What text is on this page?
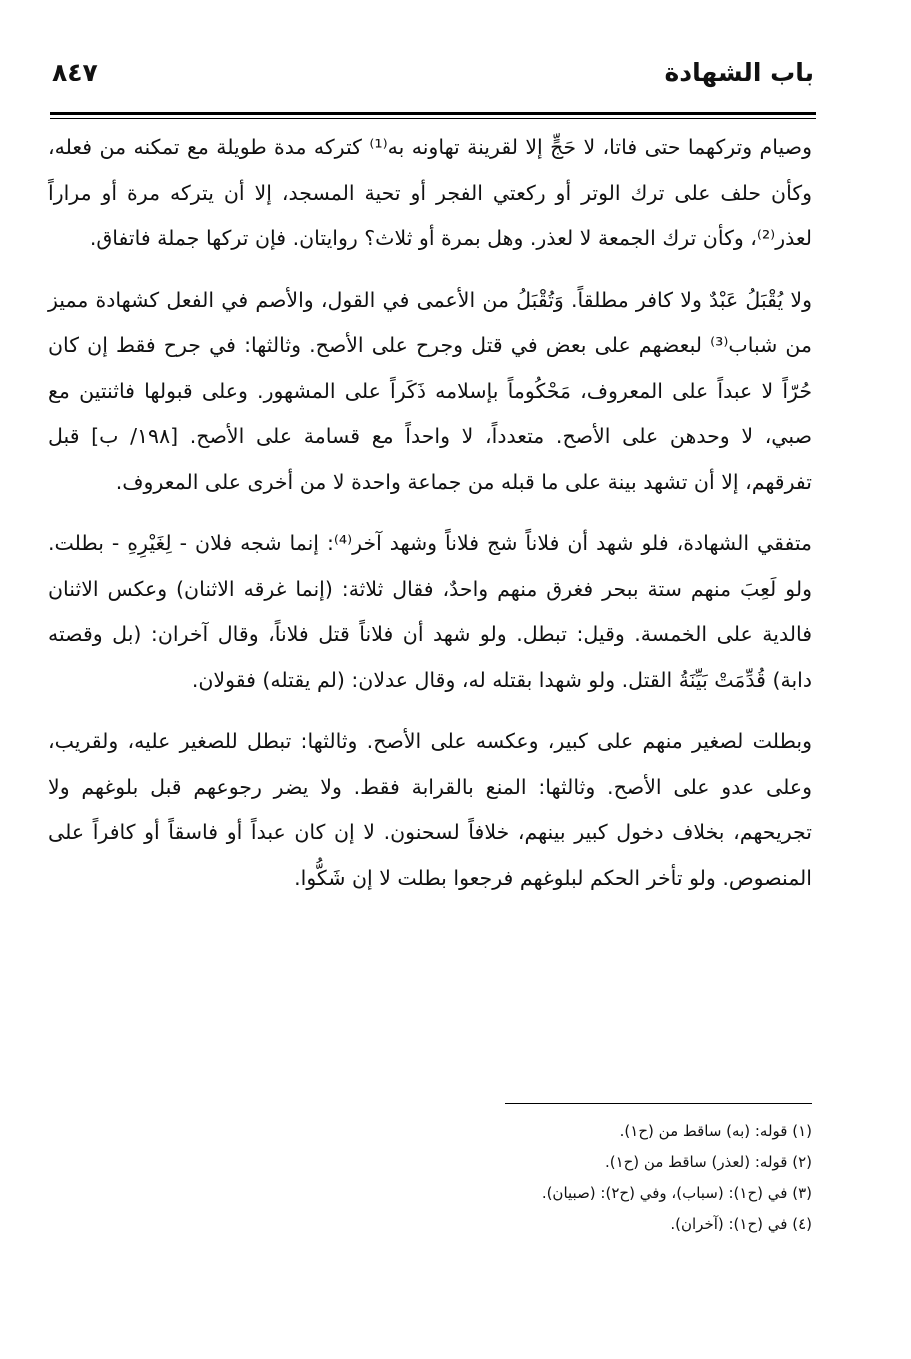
باب الشهادة
٨٤٧

وصيام وتركهما حتى فاتا، لا حَجٍّ إلا لقرينة تهاونه به⁽¹⁾ كتركه مدة طويلة مع تمكنه من فعله، وكأن حلف على ترك الوتر أو ركعتي الفجر أو تحية المسجد، إلا أن يتركه مرة أو مراراً لعذر⁽²⁾، وكأن ترك الجمعة لا لعذر. وهل بمرة أو ثلاث؟ روايتان. فإن تركها جملة فاتفاق.

ولا يُقْبَلُ عَبْدٌ ولا كافر مطلقاً. وَتُقْبَلُ من الأعمى في القول، والأصم في الفعل كشهادة مميز من شباب⁽³⁾ لبعضهم على بعض في قتل وجرح على الأصح. وثالثها: في جرح فقط إن كان حُرّاً لا عبداً على المعروف، مَحْكُوماً بإسلامه ذَكَراً على المشهور. وعلى قبولها فاثنتين مع صبي، لا وحدهن على الأصح. متعدداً، لا واحداً مع قسامة على الأصح. [١٩٨/ ب] قبل تفرقهم، إلا أن تشهد بينة على ما قبله من جماعة واحدة لا من أخرى على المعروف.

متفقي الشهادة، فلو شهد أن فلاناً شج فلاناً وشهد آخر⁽⁴⁾: إنما شجه فلان - لِغَيْرِهِ - بطلت. ولو لَعِبَ منهم ستة ببحر فغرق منهم واحدٌ، فقال ثلاثة: (إنما غرقه الاثنان) وعكس الاثنان فالدية على الخمسة. وقيل: تبطل. ولو شهد أن فلاناً قتل فلاناً، وقال آخران: (بل وقصته دابة) قُدِّمَتْ بَيِّنَةُ القتل. ولو شهدا بقتله له، وقال عدلان: (لم يقتله) فقولان.

وبطلت لصغير منهم على كبير، وعكسه على الأصح. وثالثها: تبطل للصغير عليه، ولقريب، وعلى عدو على الأصح. وثالثها: المنع بالقرابة فقط. ولا يضر رجوعهم قبل بلوغهم ولا تجريحهم، بخلاف دخول كبير بينهم، خلافاً لسحنون. لا إن كان عبداً أو فاسقاً أو كافراً على المنصوص. ولو تأخر الحكم لبلوغهم فرجعوا بطلت لا إن شَكُّوا.

(١) قوله: (به) ساقط من (ح١).

(٢) قوله: (لعذر) ساقط من (ح١).

(٣) في (ح١): (سباب)، وفي (ح٢): (صبيان).

(٤) في (ح١): (آخران).
